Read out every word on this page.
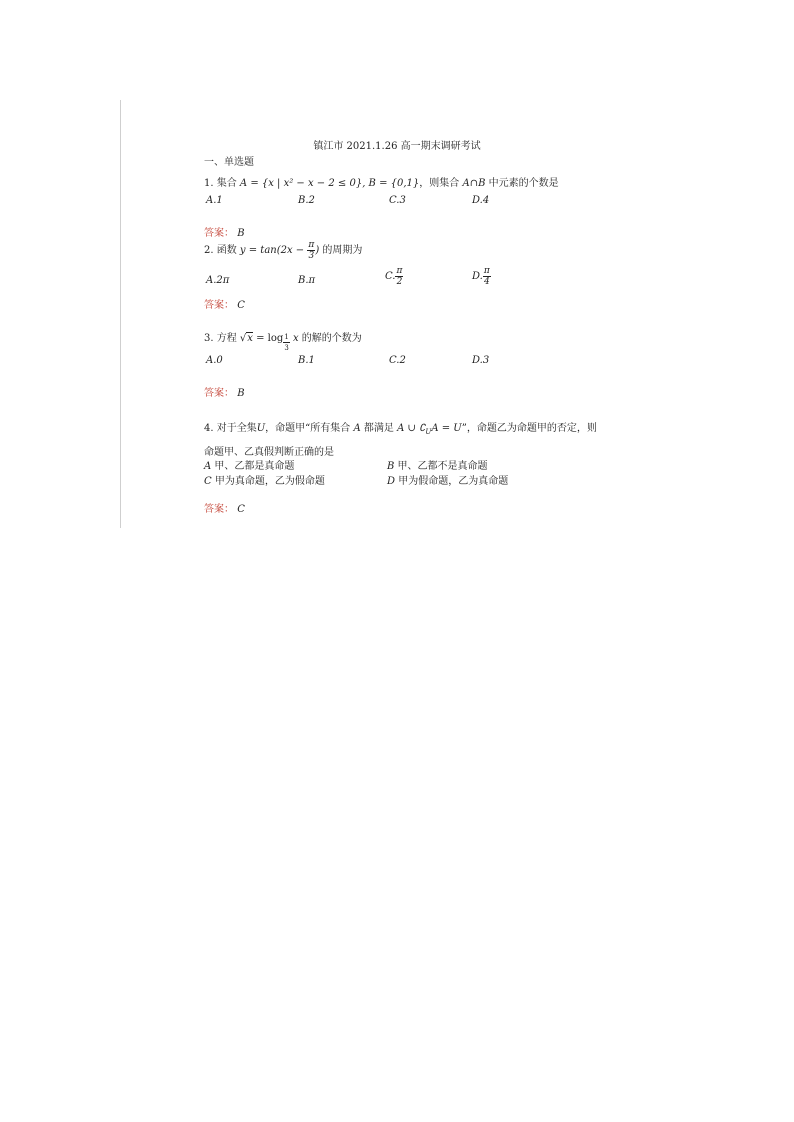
镇江市 2021.1.26 高一期末调研考试
一、单选题
1. 集合 A = {x | x² − x − 2 ≤ 0}, B = {0,1}，则集合 A∩B 中元素的个数是
A.1	B.2	C.3	D.4
答案： B
2. 函数 $y = \tan(2x - \frac{\pi}{3}$ ) 的周期为
A.2π	B.π	C. $\frac{\pi}{2}$	D. $\frac{\pi}{4}$
答案： C
3. 方程 $√x = \log \frac{1}{3}$ x 的解的个数为
A.0	B.1	C.2	D.3
答案： B
4. 对于全集U，命题甲“所有集合 A 都满足 A ∪ $∁_UA = U$”，命题乙为命题甲的否定，则
命题甲、乙真假判断正确的是
A 甲、乙都是真命题	B 甲、乙都不是真命题
C 甲为真命题，乙为假命题	D 甲为假命题，乙为真命题
答案： C
